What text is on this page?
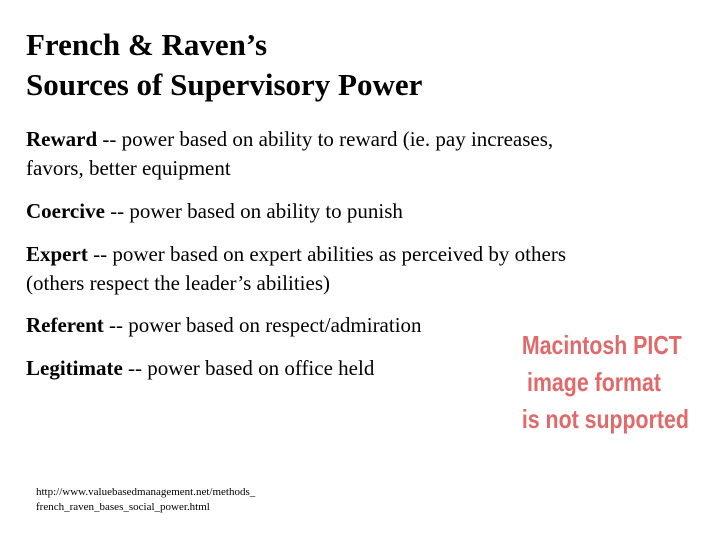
French & Raven’s
Sources of Supervisory Power
Reward -- power based on ability to reward (ie. pay increases,
favors, better equipment
Coercive -- power based on ability to punish
Expert -- power based on expert abilities as perceived by others
(others respect the leader’s abilities)
Referent -- power based on respect/admiration
Legitimate -- power based on office held
Macintosh PICT
image format
is not supported
http://www.valuebasedmanagement.net/methods_
french_raven_bases_social_power.html
